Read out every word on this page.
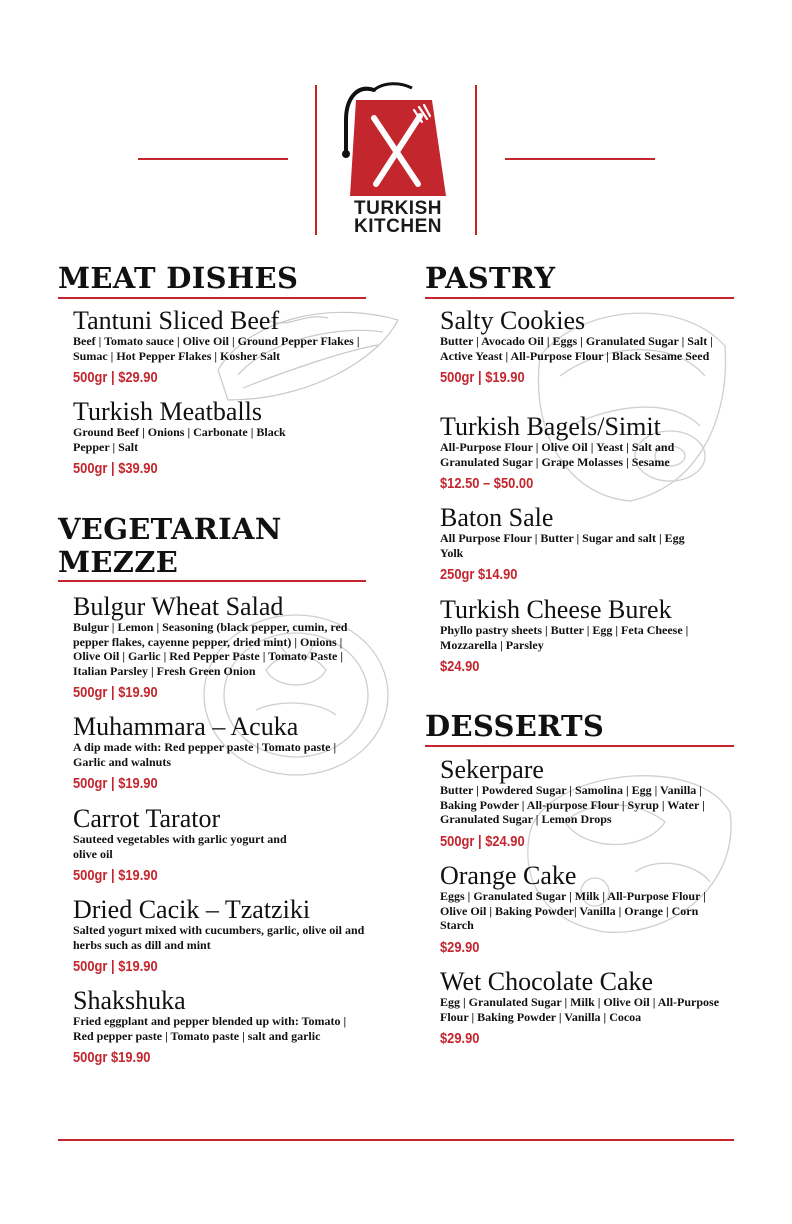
TURKISH
KITCHEN
MEAT DISHES
Tantuni Sliced Beef
Beef | Tomato sauce | Olive Oil | Ground Pepper Flakes | Sumac | Hot Pepper Flakes | Kosher Salt
500gr | $29.90
Turkish Meatballs
Ground Beef | Onions | Carbonate | Black Pepper | Salt
500gr | $39.90
VEGETARIAN
MEZZE
Bulgur Wheat Salad
Bulgur | Lemon | Seasoning (black pepper, cumin, red pepper flakes, cayenne pepper, dried mint) | Onions | Olive Oil | Garlic | Red Pepper Paste | Tomato Paste | Italian Parsley | Fresh Green Onion
500gr | $19.90
Muhammara – Acuka
A dip made with: Red pepper paste | Tomato paste | Garlic and walnuts
500gr | $19.90
Carrot Tarator
Sauteed vegetables with garlic yogurt and olive oil
500gr | $19.90
Dried Cacik – Tzatziki
Salted yogurt mixed with cucumbers, garlic, olive oil and herbs such as dill and mint
500gr | $19.90
Shakshuka
Fried eggplant and pepper blended up with: Tomato | Red pepper paste | Tomato paste | salt and garlic
500gr $19.90
PASTRY
Salty Cookies
Butter | Avocado Oil | Eggs | Granulated Sugar | Salt | Active Yeast | All-Purpose Flour | Black Sesame Seed
500gr | $19.90
Turkish Bagels/Simit
All-Purpose Flour | Olive Oil | Yeast | Salt and Granulated Sugar | Grape Molasses | Sesame
$12.50 – $50.00
Baton Sale
All Purpose Flour | Butter | Sugar and salt | Egg Yolk
250gr $14.90
Turkish Cheese Burek
Phyllo pastry sheets | Butter | Egg | Feta Cheese | Mozzarella | Parsley
$24.90
DESSERTS
Sekerpare
Butter | Powdered Sugar | Samolina | Egg | Vanilla | Baking Powder | All-purpose Flour | Syrup | Water | Granulated Sugar | Lemon Drops
500gr | $24.90
Orange Cake
Eggs | Granulated Sugar | Milk | All-Purpose Flour | Olive Oil | Baking Powder| Vanilla | Orange | Corn Starch
$29.90
Wet Chocolate Cake
Egg | Granulated Sugar | Milk | Olive Oil | All-Purpose Flour | Baking Powder | Vanilla | Cocoa
$29.90
